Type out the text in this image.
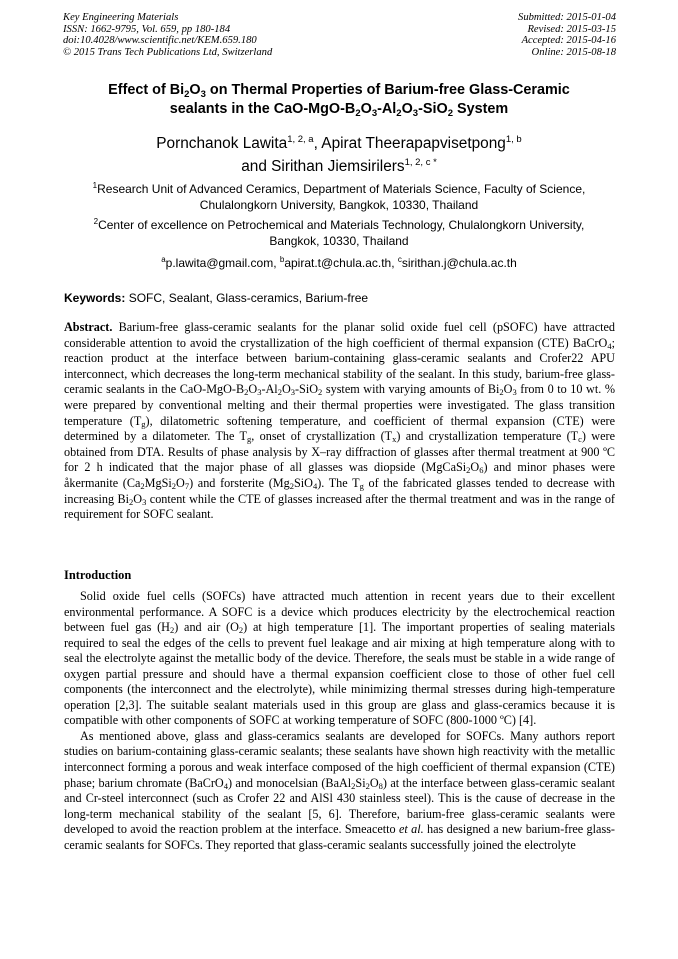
Key Engineering Materials
ISSN: 1662-9795, Vol. 659, pp 180-184
doi:10.4028/www.scientific.net/KEM.659.180
© 2015 Trans Tech Publications Ltd, Switzerland
Submitted: 2015-01-04
Revised: 2015-03-15
Accepted: 2015-04-16
Online: 2015-08-18
Effect of $Bi_2O_3$ on Thermal Properties of Barium-free Glass-Ceramic
sealants in the CaO-$MgO-B_2O_3-Al_2O_3-SiO_2$ System
Pornchanok Lawita$^{1, 2, a}$, Apirat Theerapapvisetpong$^{1, b}$
and Sirithan Jiemsirilers$^{1, 2, c *}$
$^1$Research Unit of Advanced Ceramics, Department of Materials Science, Faculty of Science,
Chulalongkorn University, Bangkok, 10330, Thailand
$^2$Center of excellence on Petrochemical and Materials Technology, Chulalongkorn University,
Bangkok, 10330, Thailand
$^a$p.lawita@gmail.com, $^b$apirat.t@chula.ac.th, $^c$sirithan.j@chula.ac.th
Keywords: SOFC, Sealant, Glass-ceramics, Barium-free
Abstract. Barium-free glass-ceramic sealants for the planar solid oxide fuel cell (pSOFC) have attracted considerable attention to avoid the crystallization of the high coefficient of thermal expansion (CTE) BaCrO$_4$; reaction product at the interface between barium-containing glass-ceramic sealants and Crofer22 APU interconnect, which decreases the long-term mechanical stability of the sealant. In this study, barium-free glass-ceramic sealants in the CaO-$MgO-B_2O_3-Al_2O_3-SiO_2$ system with varying amounts of $Bi_2O_3$ from 0 to 10 wt. % were prepared by conventional melting and their thermal properties were investigated. The glass transition temperature $(T_g)$, dilatometric softening temperature, and coefficient of thermal expansion (CTE) were determined by a dilatometer. The $T_g$, onset of crystallization $(T_x)$ and crystallization temperature $(T_c)$ were obtained from DTA. Results of phase analysis by X–ray diffraction of glasses after thermal treatment at 900 ºC for 2 h indicated that the major phase of all glasses was diopside $(MgCaSi_2O_6)$ and minor phases were åkermanite $(Ca_2MgSi_2O_7)$ and forsterite $(Mg_2SiO_4)$. The $T_g$ of the fabricated glasses tended to decrease with increasing $Bi_2O_3$ content while the CTE of glasses increased after the thermal treatment and was in the range of requirement for SOFC sealant.
Introduction

Solid oxide fuel cells (SOFCs) have attracted much attention in recent years due to their excellent environmental performance. A SOFC is a device which produces electricity by the electrochemical reaction between fuel gas $(H_2)$ and air $(O_2)$ at high temperature [1]. The important properties of sealing materials required to seal the edges of the cells to prevent fuel leakage and air mixing at high temperature along with to seal the electrolyte against the metallic body of the device. Therefore, the seals must be stable in a wide range of oxygen partial pressure and should have a thermal expansion coefficient close to those of other fuel cell components (the interconnect and the electrolyte), while minimizing thermal stresses during high-temperature operation [2,3]. The suitable sealant materials used in this group are glass and glass-ceramics because it is compatible with other components of SOFC at working temperature of SOFC (800-1000 ºC) [4].

As mentioned above, glass and glass-ceramics sealants are developed for SOFCs. Many authors report studies on barium-containing glass-ceramic sealants; these sealants have shown high reactivity with the metallic interconnect forming a porous and weak interface composed of the high coefficient of thermal expansion (CTE) phase; barium chromate (BaCrO$_4$) and monocelsian $(BaAl_2Si_2O_8)$ at the interface between glass-ceramic sealant and Cr-steel interconnect (such as Crofer 22 and AlSl 430 stainless steel). This is the cause of decrease in the long-term mechanical stability of the sealant [5, 6]. Therefore, barium-free glass-ceramic sealants were developed to avoid the reaction problem at the interface. Smeacetto et al. has designed a new barium-free glass-ceramic sealants for SOFCs. They reported that glass-ceramic sealants successfully joined the electrolyte
